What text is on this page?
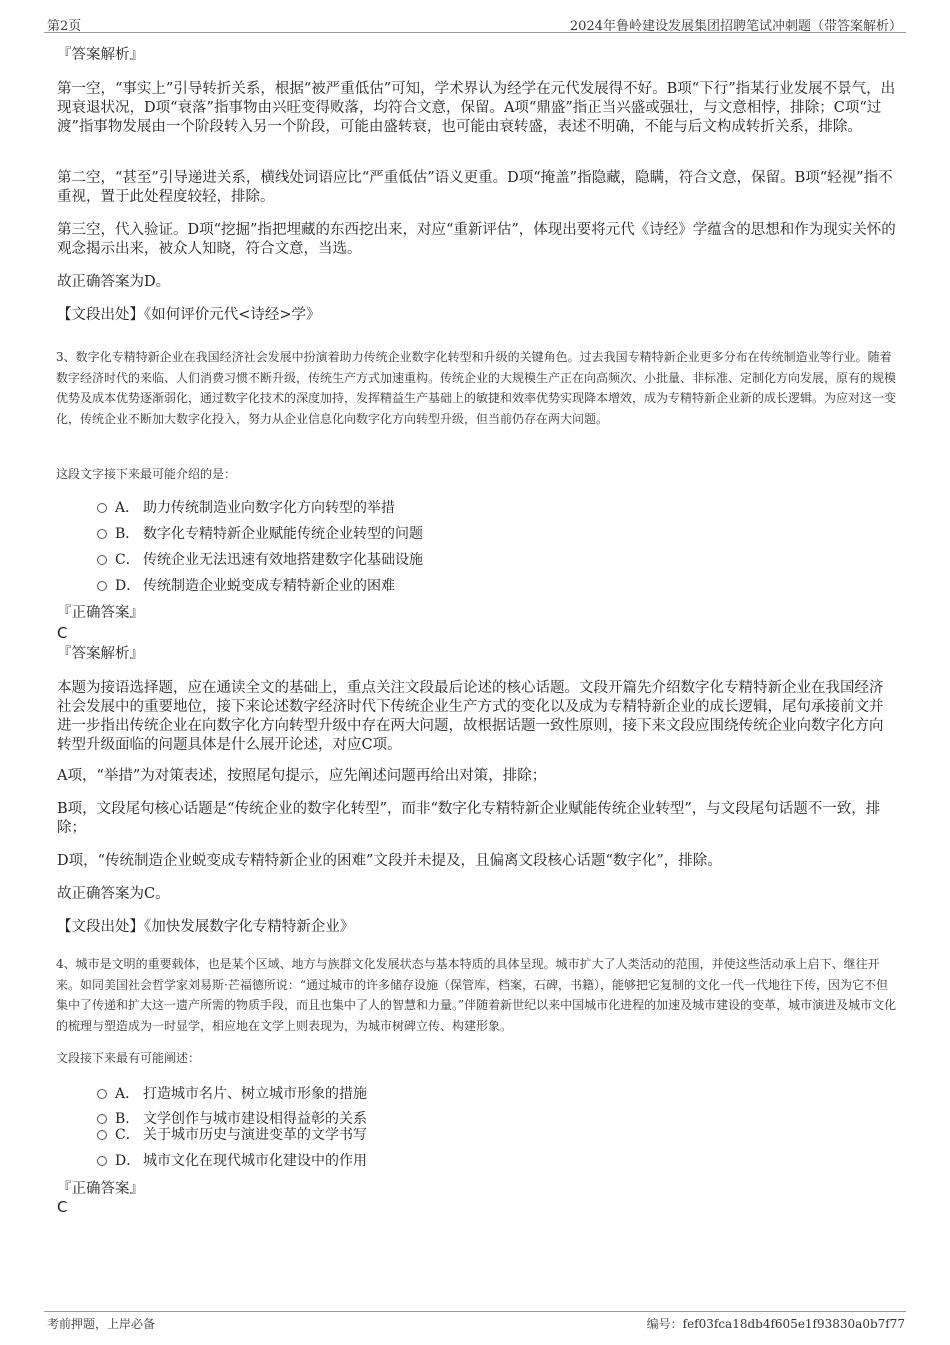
第2页	2024年鲁岭建设发展集团招聘笔试冲刺题（带答案解析）
『答案解析』

第一空，“事实上”引导转折关系，根据“被严重低估”可知，学术界认为经学在元代发展得不好。B项“下行”指某行业发展不景气，出现衰退状况，D项“衰落”指事物由兴旺变得败落，均符合文意，保留。A项“鼎盛”指正当兴盛或强壮，与文意相悖，排除；C项“过渡”指事物发展由一个阶段转入另一个阶段，可能由盛转衰，也可能由衰转盛，表述不明确，不能与后文构成转折关系，排除。

第二空，“甚至”引导递进关系，横线处词语应比“严重低估”语义更重。D项“掩盖”指隐藏，隐瞒，符合文意，保留。B项“轻视”指不重视，置于此处程度较轻，排除。

第三空，代入验证。D项“挖掘”指把埋藏的东西挖出来，对应“重新评估”，体现出要将元代《诗经》学蕴含的思想和作为现实关怀的观念揭示出来，被众人知晓，符合文意，当选。

故正确答案为D。

【文段出处】《如何评价元代<诗经>学》

3、数字化专精特新企业在我国经济社会发展中扮演着助力传统企业数字化转型和升级的关键角色。过去我国专精特新企业更多分布在传统制造业等行业。随着数字经济时代的来临、人们消费习惯不断升级，传统生产方式加速重构。传统企业的大规模生产正在向高频次、小批量、非标准、定制化方向发展，原有的规模优势及成本优势逐渐弱化，通过数字化技术的深度加持，发挥精益生产基础上的敏捷和效率优势实现降本增效，成为专精特新企业新的成长逻辑。为应对这一变化，传统企业不断加大数字化投入，努力从企业信息化向数字化方向转型升级，但当前仍存在两大问题。

这段文字接下来最可能介绍的是：

A． 助力传统制造业向数字化方向转型的举措
B． 数字化专精特新企业赋能传统企业转型的问题
C． 传统企业无法迅速有效地搭建数字化基础设施
D． 传统制造企业蜕变成专精特新企业的困难
『正确答案』
C
『答案解析』

本题为接语选择题，应在通读全文的基础上，重点关注文段最后论述的核心话题。文段开篇先介绍数字化专精特新企业在我国经济社会发展中的重要地位，接下来论述数字经济时代下传统企业生产方式的变化以及成为专精特新企业的成长逻辑，尾句承接前文并进一步指出传统企业在向数字化方向转型升级中存在两大问题，故根据话题一致性原则，接下来文段应围绕传统企业向数字化方向转型升级面临的问题具体是什么展开论述，对应C项。

A项，“举措”为对策表述，按照尾句提示，应先阐述问题再给出对策，排除；

B项，文段尾句核心话题是“传统企业的数字化转型”，而非“数字化专精特新企业赋能传统企业转型”，与文段尾句话题不一致，排除；

D项，“传统制造企业蜕变成专精特新企业的困难”文段并未提及，且偏离文段核心话题“数字化”，排除。

故正确答案为C。

【文段出处】《加快发展数字化专精特新企业》

4、城市是文明的重要载体，也是某个区域、地方与族群文化发展状态与基本特质的具体呈现。城市扩大了人类活动的范围，并使这些活动承上启下、继往开来。如同美国社会哲学家刘易斯·芒福德所说：“通过城市的许多储存设施（保管库，档案，石碑，书籍），能够把它复制的文化一代一代地往下传，因为它不但集中了传递和扩大这一遗产所需的物质手段，而且也集中了人的智慧和力量。”伴随着新世纪以来中国城市化进程的加速及城市建设的变革，城市演进及城市文化的梳理与塑造成为一时显学，相应地在文学上则表现为，为城市树碑立传、构建形象。

文段接下来最有可能阐述：

A． 打造城市名片、树立城市形象的措施
B． 文学创作与城市建设相得益彰的关系
C． 关于城市历史与演进变革的文学书写
D． 城市文化在现代城市化建设中的作用
『正确答案』
C
考前押题，上岸必备	编号：fef03fca18db4f605e1f93830a0b7f77
